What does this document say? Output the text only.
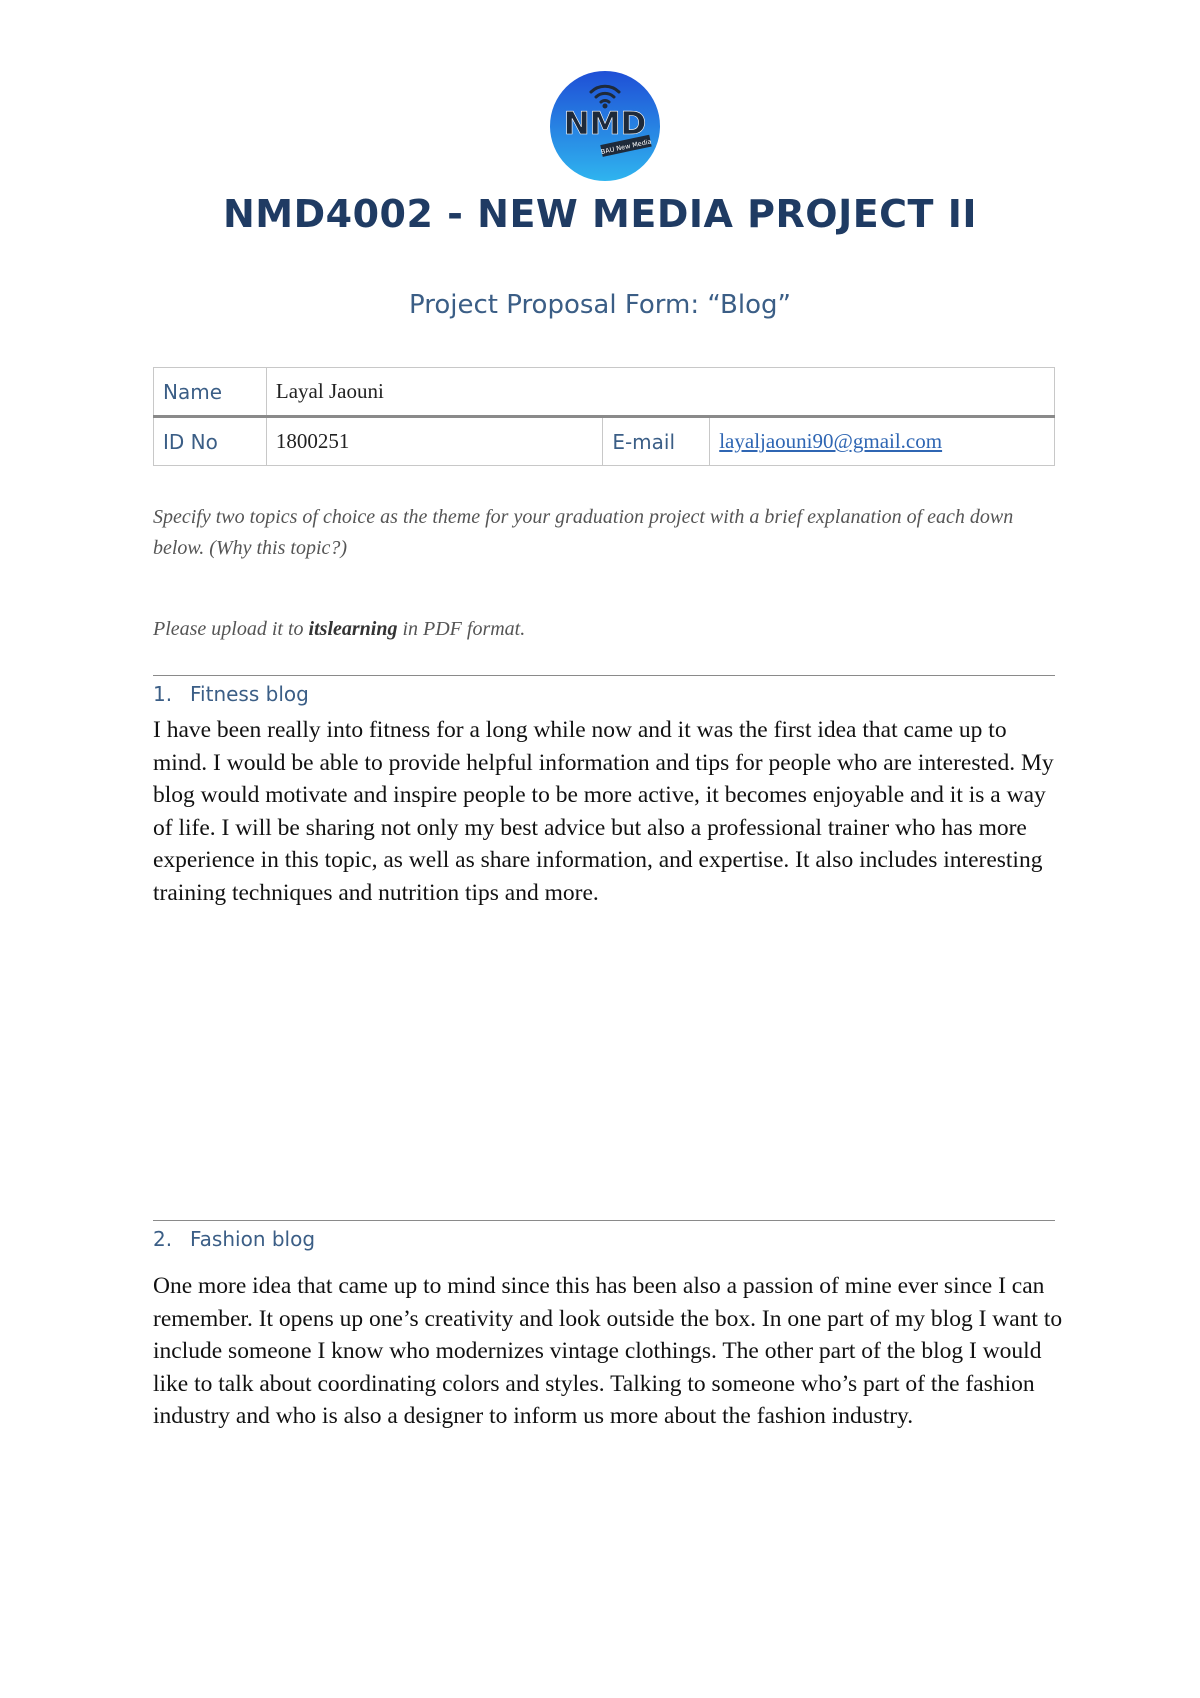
NMD
BAU New Media
NMD4002 - NEW MEDIA PROJECT II
Project Proposal Form: “Blog”
Name	Layal Jaouni		
ID No	1800251	E-mail	layaljaouni90@gmail.com
Specify two topics of choice as the theme for your graduation project with a brief explanation of each down below. (Why this topic?)
Please upload it to itslearning in PDF format.
1. Fitness blog
I have been really into fitness for a long while now and it was the first idea that came up to mind. I would be able to provide helpful information and tips for people who are interested. My blog would motivate and inspire people to be more active, it becomes enjoyable and it is a way of life. I will be sharing not only my best advice but also a professional trainer who has more experience in this topic, as well as share information, and expertise. It also includes interesting training techniques and nutrition tips and more.
2. Fashion blog
One more idea that came up to mind since this has been also a passion of mine ever since I can remember. It opens up one’s creativity and look outside the box. In one part of my blog I want to include someone I know who modernizes vintage clothings. The other part of the blog I would like to talk about coordinating colors and styles. Talking to someone who’s part of the fashion industry and who is also a designer to inform us more about the fashion industry.
